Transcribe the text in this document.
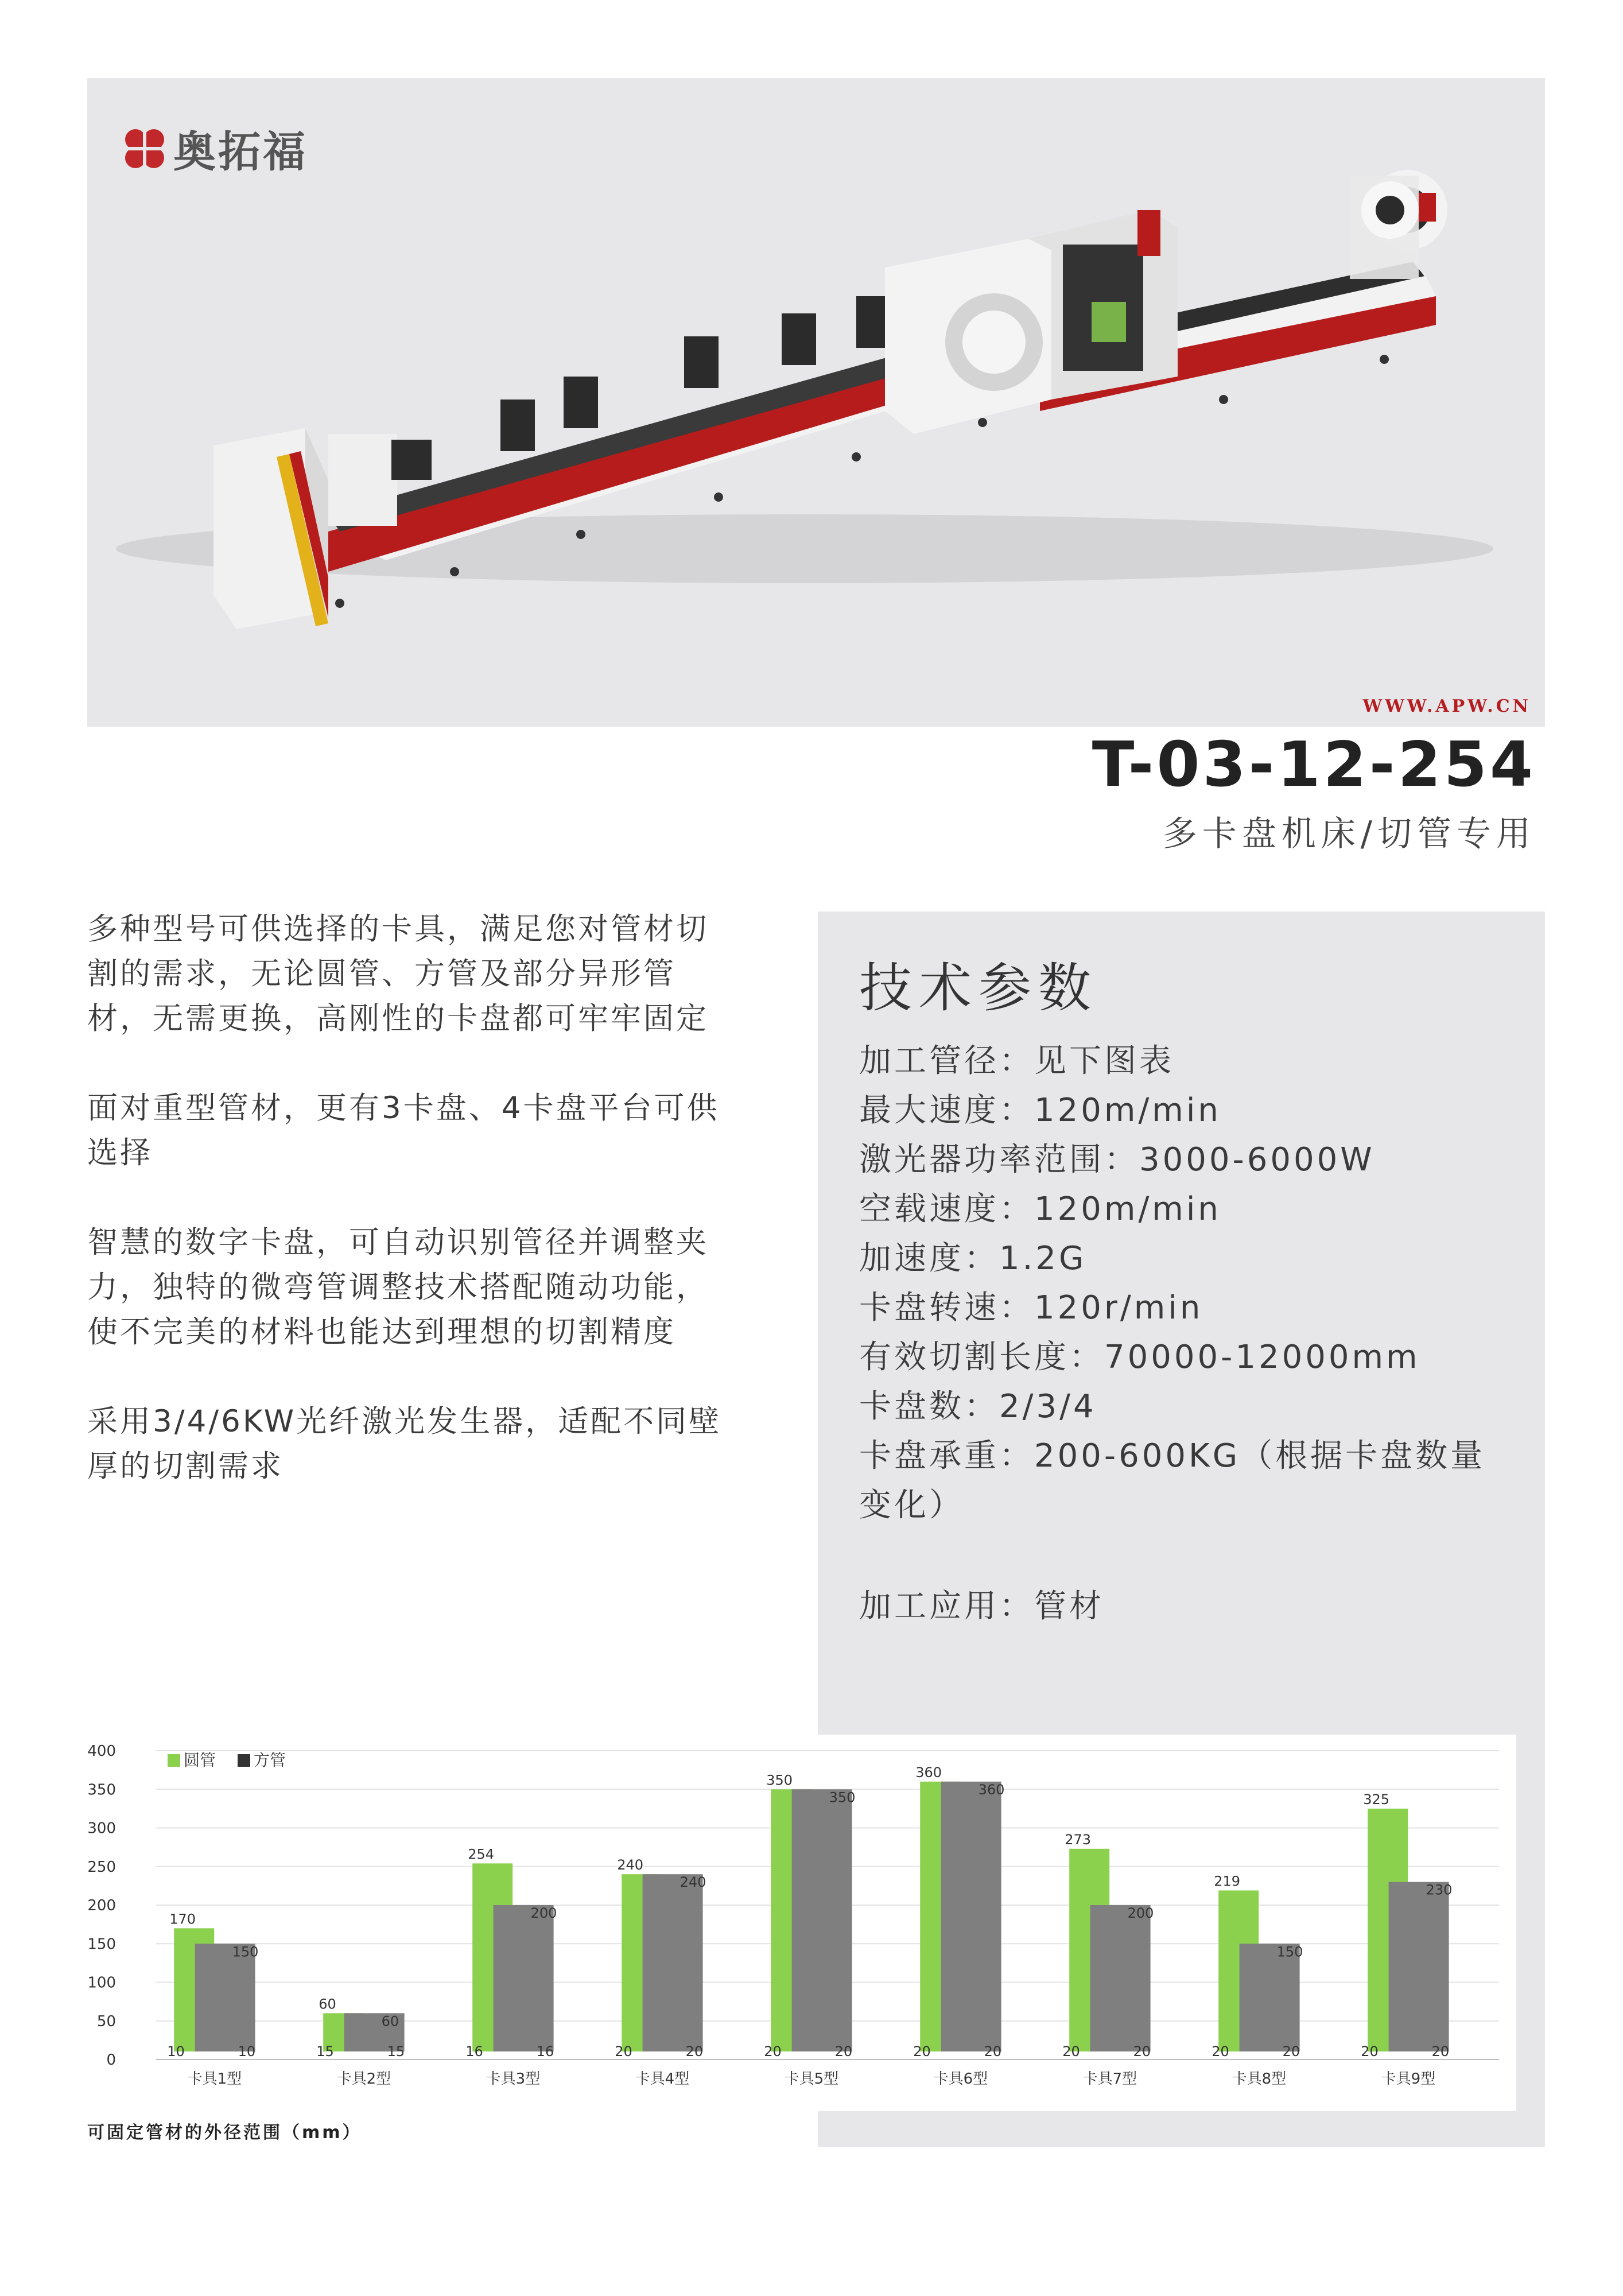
奥拓福
WWW.APW.CN
T-03-12-254
多卡盘机床/切管专用

多种型号可供选择的卡具，满足您对管材切割的需求，无论圆管、方管及部分异形管材，无需更换，高刚性的卡盘都可牢牢固定

面对重型管材，更有3卡盘、4卡盘平台可供选择

智慧的数字卡盘，可自动识别管径并调整夹力，独特的微弯管调整技术搭配随动功能，使不完美的材料也能达到理想的切割精度

采用3/4/6KW光纤激光发生器，适配不同壁厚的切割需求

技术参数
加工管径：见下图表
最大速度：120m/min
激光器功率范围：3000-6000W
空载速度：120m/min
加速度：1.2G
卡盘转速：120r/min
有效切割长度：70000-12000mm
卡盘数：2/3/4
卡盘承重：200-600KG（根据卡盘数量变化）
加工应用：管材
0
50
100
150
200
250
300
350
400
170
150
10	10
卡具1型
60
60
15	15
卡具2型
254
200
16	16
卡具3型
240
240
20	20
卡具4型
350
350
20	20
卡具5型
360
360
20	20
卡具6型
273
200
20	20
卡具7型
219
150
20	20
卡具8型
325
230
20	20
卡具9型
圆管 方管
可固定管材的外径范围（mm）
